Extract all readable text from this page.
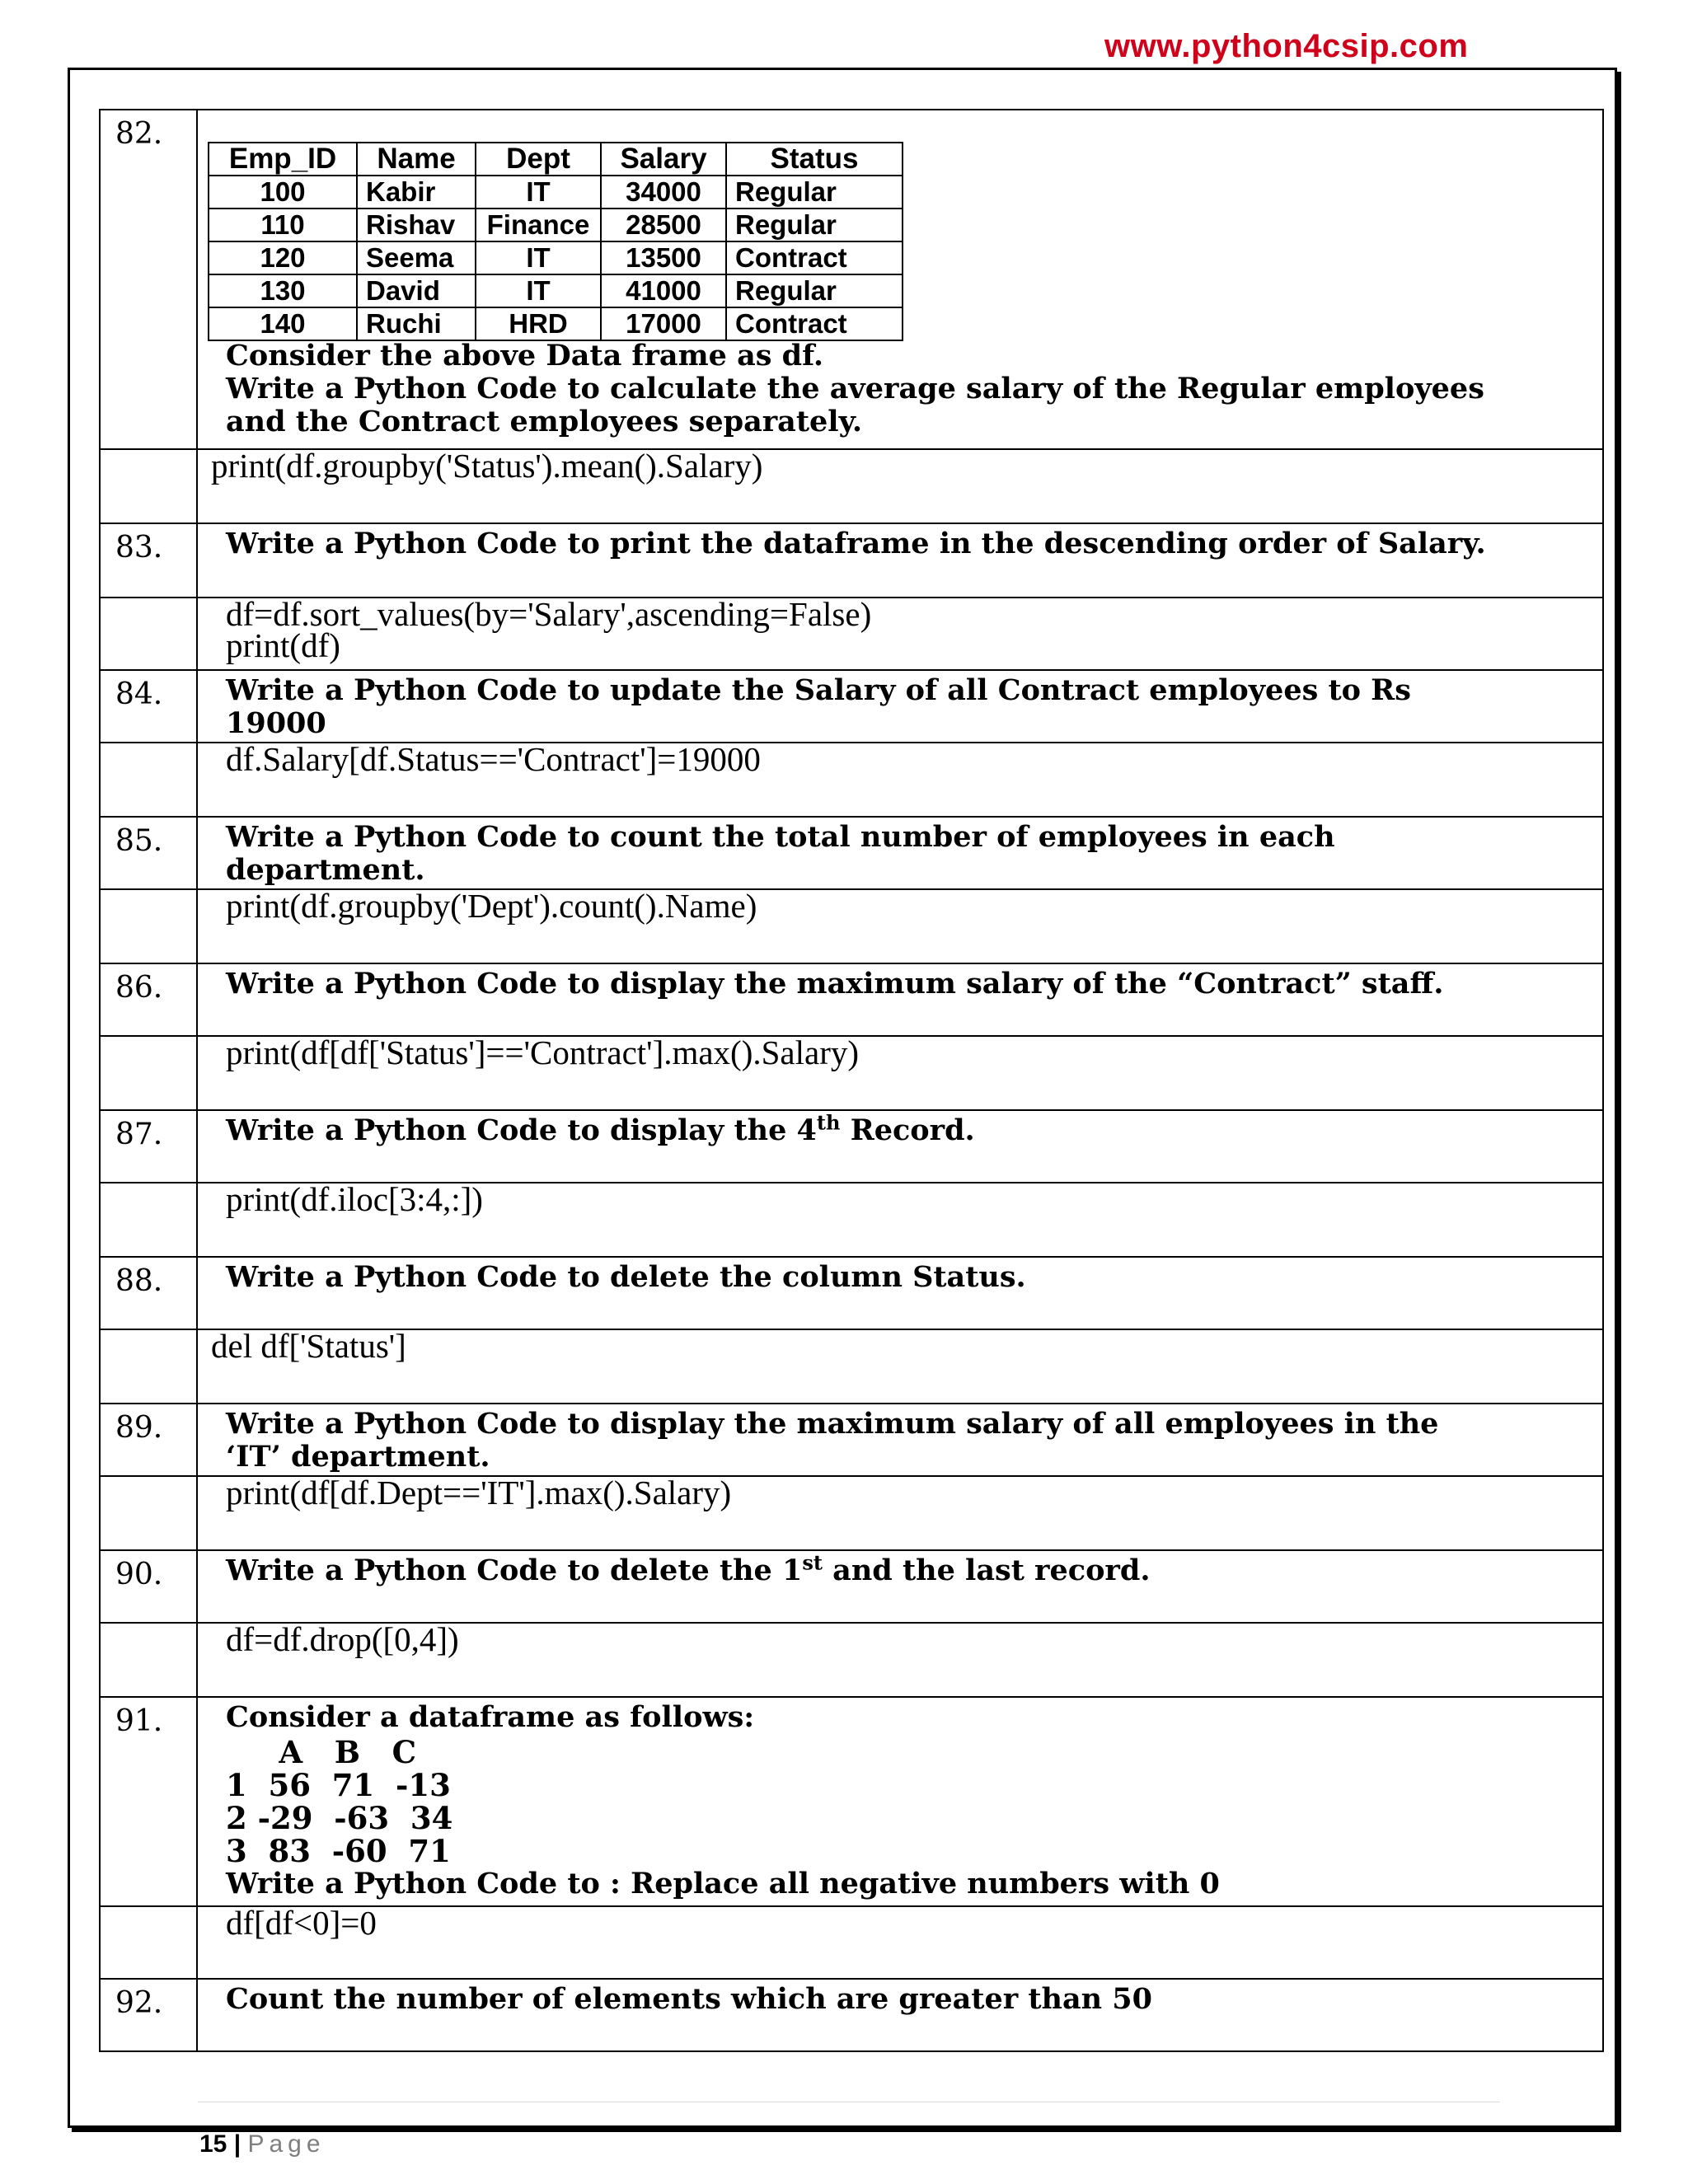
www.python4csip.com
82.	
Emp_ID	Name	Dept	Salary	Status
100	Kabir	IT	34000	Regular
110	Rishav	Finance	28500	Regular
120	Seema	IT	13500	Contract
130	David	IT	41000	Regular
140	Ruchi	HRD	17000	Contract
Consider the above Data frame as df.
Write a Python Code to calculate the average salary of the Regular employees
and the Contract employees separately.

print(df.groupby('Status').mean().Salary)

83.	Write a Python Code to print the dataframe in the descending order of Salary.

df=df.sort_values(by='Salary',ascending=False)
print(df)

84.	Write a Python Code to update the Salary of all Contract employees to Rs
19000

df.Salary[df.Status=='Contract']=19000

85.	Write a Python Code to count the total number of employees in each
department.

print(df.groupby('Dept').count().Name)

86.	Write a Python Code to display the maximum salary of the “Contract” staff.

print(df[df['Status']=='Contract'].max().Salary)

87.	Write a Python Code to display the 4th Record.

print(df.iloc[3:4,:])

88.	Write a Python Code to delete the column Status.

del df['Status']

89.	Write a Python Code to display the maximum salary of all employees in the
‘IT’ department.

print(df[df.Dept=='IT'].max().Salary)

90.	Write a Python Code to delete the 1st and the last record.

df=df.drop([0,4])

91.	Consider a dataframe as follows:
A   B   C
1  56  71  -13
2 -29  -63  34
3  83  -60  71
Write a Python Code to : Replace all negative numbers with 0

df[df<0]=0

92.	Count the number of elements which are greater than 50
15 | Page
